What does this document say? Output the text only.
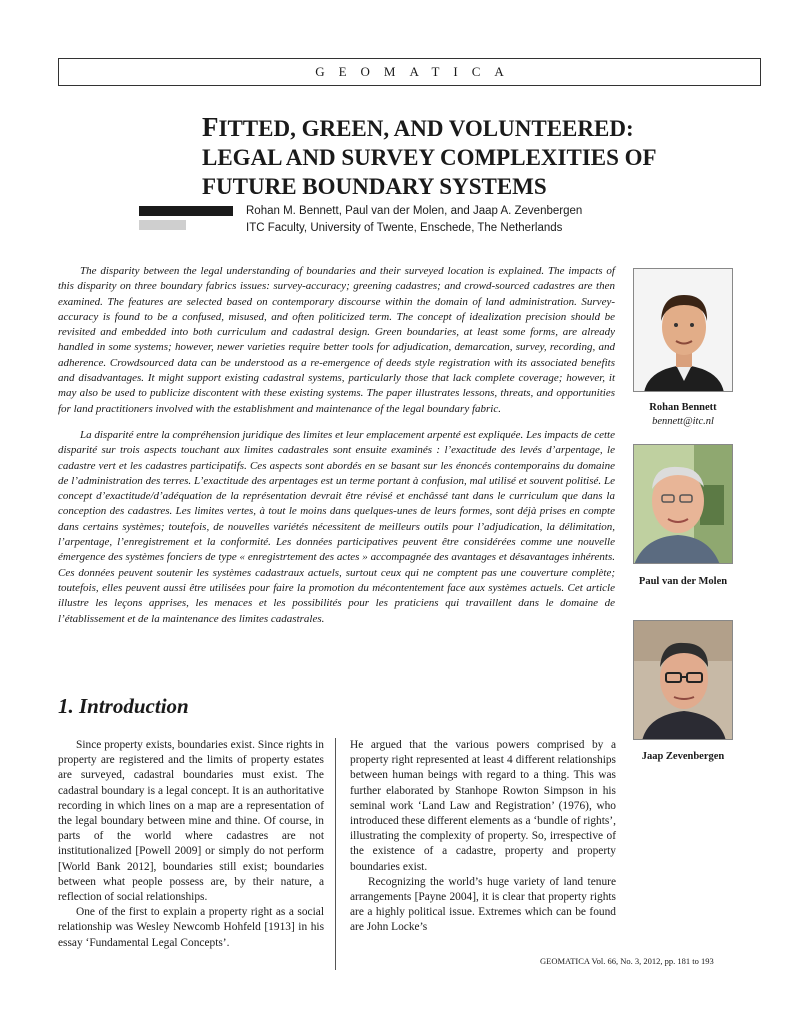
GEOMATICA
FITTED, GREEN, AND VOLUNTEERED:
LEGAL AND SURVEY COMPLEXITIES OF
FUTURE BOUNDARY SYSTEMS
Rohan M. Bennett, Paul van der Molen, and Jaap A. Zevenbergen
ITC Faculty, University of Twente, Enschede, The Netherlands

The disparity between the legal understanding of boundaries and their surveyed location is explained. The impacts of this disparity on three boundary fabrics issues: survey-accuracy; greening cadastres; and crowd-sourced cadastres are then examined. The features are selected based on contemporary discourse within the domain of land administration. Survey-accuracy is found to be a confused, misused, and often politicized term. The concept of idealization precision should be revisited and embedded into both curriculum and cadastral design. Green boundaries, at least some forms, are already handled in some systems; however, newer varieties require better tools for adjudication, demarcation, survey, recording, and adherence. Crowdsourced data can be understood as a re-emergence of deeds style registration with its associated benefits and disadvantages. It might support existing cadastral systems, particularly those that lack complete coverage; however, it may also be used to publicize discontent with these existing systems. The paper illustrates lessons, threats, and opportunities for land practitioners involved with the establishment and maintenance of the legal boundary fabric.

La disparité entre la compréhension juridique des limites et leur emplacement arpenté est expliquée. Les impacts de cette disparité sur trois aspects touchant aux limites cadastrales sont ensuite examinés : l’exactitude des levés d’arpentage, le cadastre vert et les cadastres participatifs. Ces aspects sont abordés en se basant sur les énoncés contemporains du domaine de l’administration des terres. L’exactitude des arpentages est un terme portant à confusion, mal utilisé et souvent politisé. Le concept d’exactitude/d’adéquation de la représentation devrait être révisé et enchâssé tant dans le curriculum que dans la conception des cadastres. Les limites vertes, à tout le moins dans quelques-unes de leurs formes, sont déjà prises en compte dans certains systèmes; toutefois, de nouvelles variétés nécessitent de meilleurs outils pour l’adjudication, la délimitation, l’arpentage, l’enregistrement et la conformité. Les données participatives peuvent être considérées comme une nouvelle émergence des systèmes fonciers de type « enregistrtement des actes » accompagnée des avantages et désavantages inhérents. Ces données peuvent soutenir les systèmes cadastraux actuels, surtout ceux qui ne comptent pas une couverture complète; toutefois, elles peuvent aussi être utilisées pour faire la promotion du mécontentement face aux systèmes actuels. Cet article illustre les leçons apprises, les menaces et les possibilités pour les praticiens qui travaillent dans le domaine de l’établissement et de la maintenance des limites cadastrales.

Rohan Bennett
bennett@itc.nl
Paul van der Molen
Jaap Zevenbergen
1. Introduction

Since property exists, boundaries exist. Since rights in property are registered and the limits of property estates are surveyed, cadastral boundaries must exist. The cadastral boundary is a legal concept. It is an authoritative recording in which lines on a map are a representation of the legal boundary between mine and thine. Of course, in parts of the world where cadastres are not institutionalized [Powell 2009] or simply do not perform [World Bank 2012], boundaries still exist; boundaries between what people possess are, by their nature, a reflection of social relationships.

One of the first to explain a property right as a social relationship was Wesley Newcomb Hohfeld [1913] in his essay ‘Fundamental Legal Concepts’.

He argued that the various powers comprised by a property right represented at least 4 different relationships between human beings with regard to a thing. This was further elaborated by Stanhope Rowton Simpson in his seminal work ‘Land Law and Registration’ (1976), who introduced these different elements as a ‘bundle of rights’, illustrating the complexity of property. So, irrespective of the existence of a cadastre, property and property boundaries exist.

Recognizing the world’s huge variety of land tenure arrangements [Payne 2004], it is clear that property rights are a highly political issue. Extremes which can be found are John Locke’s

GEOMATICA Vol. 66, No. 3, 2012, pp. 181 to 193
